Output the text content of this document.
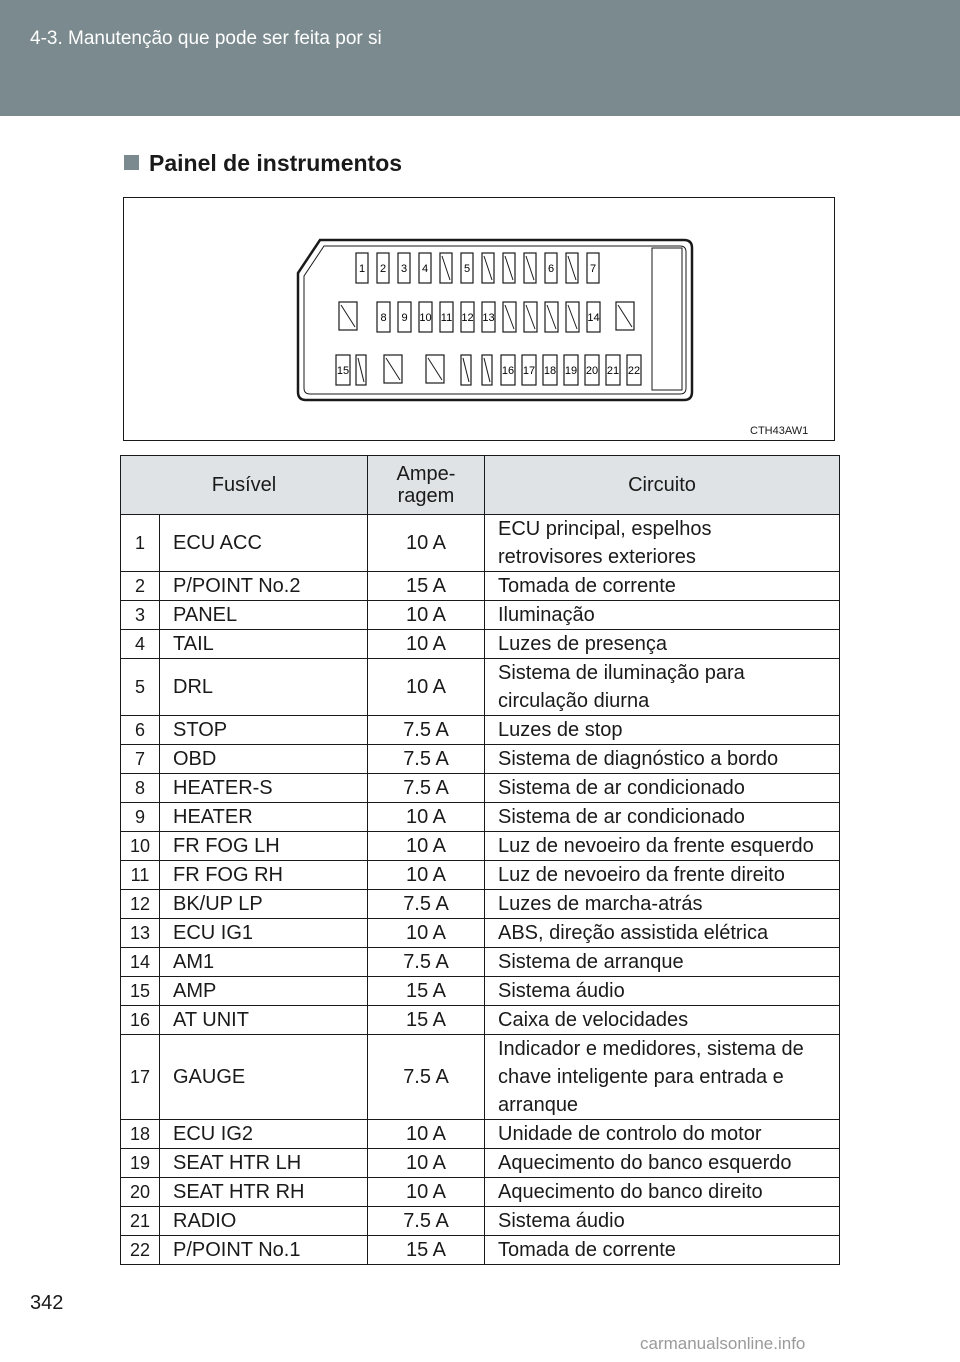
4-3. Manutenção que pode ser feita por si
Painel de instrumentos
1 2 3 4	5	6	7
8 9 10 11 12 13	14
15	16 17 18 19 20 21 22
CTH43AW1
Fusível		Ampe-
ragem	Circuito
1	ECU ACC	10 A	ECU principal, espelhos
retrovisores exteriores

2	P/POINT No.2	15 A	Tomada de corrente

3	PANEL	10 A	Iluminação

4	TAIL	10 A	Luzes de presença

5	DRL	10 A	Sistema de iluminação para
circulação diurna

6	STOP	7.5 A	Luzes de stop

7	OBD	7.5 A	Sistema de diagnóstico a bordo

8	HEATER-S	7.5 A	Sistema de ar condicionado

9	HEATER	10 A	Sistema de ar condicionado

10	FR FOG LH	10 A	Luz de nevoeiro da frente esquerdo

11	FR FOG RH	10 A	Luz de nevoeiro da frente direito

12	BK/UP LP	7.5 A	Luzes de marcha-atrás

13	ECU IG1	10 A	ABS, direção assistida elétrica

14	AM1	7.5 A	Sistema de arranque

15	AMP	15 A	Sistema áudio

16	AT UNIT	15 A	Caixa de velocidades

17	GAUGE	7.5 A	Indicador e medidores, sistema de
chave inteligente para entrada e
arranque

18	ECU IG2	10 A	Unidade de controlo do motor

19	SEAT HTR LH	10 A	Aquecimento do banco esquerdo

20	SEAT HTR RH	10 A	Aquecimento do banco direito

21	RADIO	7.5 A	Sistema áudio

22	P/POINT No.1	15 A	Tomada de corrente
342
carmanualsonline.info
